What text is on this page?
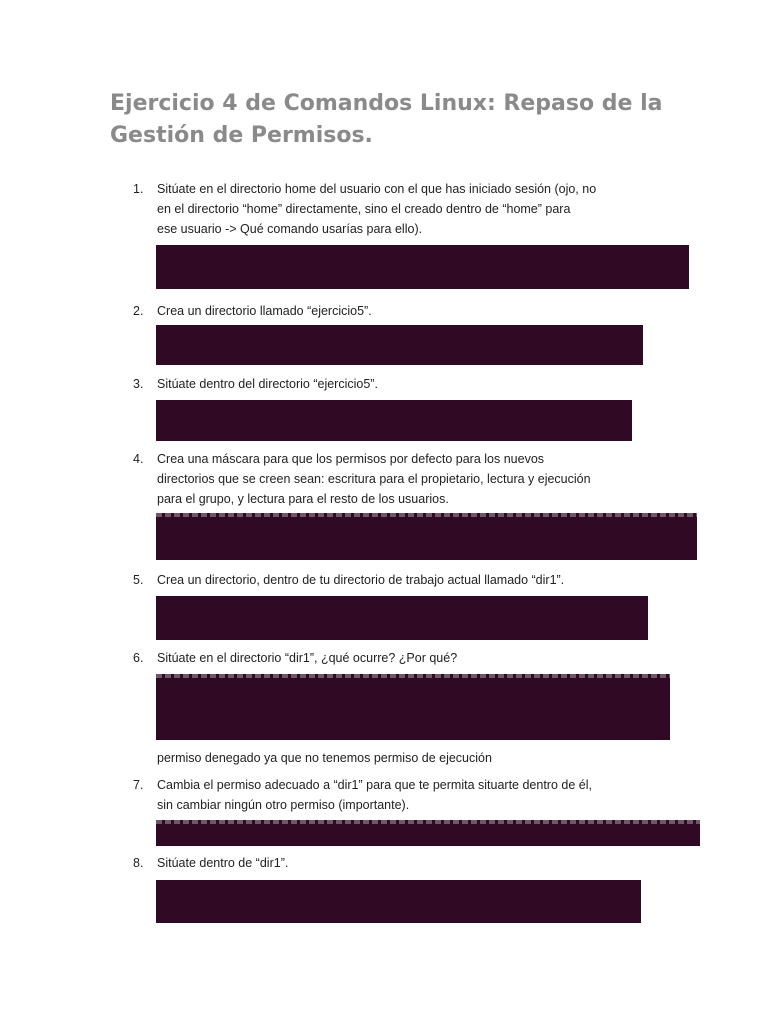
Ejercicio 4 de Comandos Linux: Repaso de la
Gestión de Permisos.
1. Sitúate en el directorio home del usuario con el que has iniciado sesión (ojo, no
en el directorio “home” directamente, sino el creado dentro de “home” para
ese usuario -> Qué comando usarías para ello).

2. Crea un directorio llamado “ejercicio5”.

3. Sitúate dentro del directorio “ejercicio5”.

4. Crea una máscara para que los permisos por defecto para los nuevos
directorios que se creen sean: escritura para el propietario, lectura y ejecución
para el grupo, y lectura para el resto de los usuarios.

5. Crea un directorio, dentro de tu directorio de trabajo actual llamado “dir1”.

6. Sitúate en el directorio “dir1”, ¿qué ocurre? ¿Por qué?

permiso denegado ya que no tenemos permiso de ejecución
7. Cambia el permiso adecuado a “dir1” para que te permita situarte dentro de él,
sin cambiar ningún otro permiso (importante).

8. Sitúate dentro de “dir1”.
